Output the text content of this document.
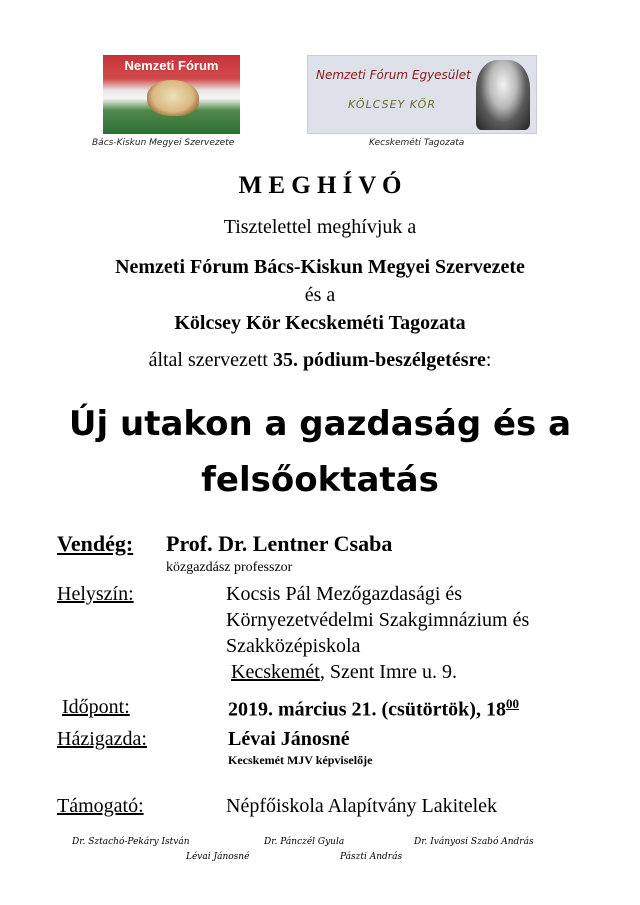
Nemzeti Fórum
Bács-Kiskun Megyei Szervezete
Nemzeti Fórum Egyesület
KÖLCSEY KÖR
Kecskeméti Tagozata
M E G H Í V Ó
Tisztelettel meghívjuk a
Nemzeti Fórum Bács-Kiskun Megyei Szervezete
és a
Kölcsey Kör Kecskeméti Tagozata
által szervezett 35. pódium-beszélgetésre:
Új utakon a gazdaság és a
felsőoktatás
Vendég: Prof. Dr. Lentner Csaba
közgazdász professzor
Helyszín:	Kocsis Pál Mezőgazdasági és
Környezetvédelmi Szakgimnázium és
Szakközépiskola
Kecskemét, Szent Imre u. 9.
Időpont:	2019. március 21. (csütörtök), $18^{00}$
Házigazda:	Lévai Jánosné
Kecskemét MJV képviselője
Támogató:	Népfőiskola Alapítvány Lakitelek
Dr. Sztachó-Pekáry István	Dr. Pánczél Gyula	Dr. Iványosi Szabó András
Lévai Jánosné	Pászti András
